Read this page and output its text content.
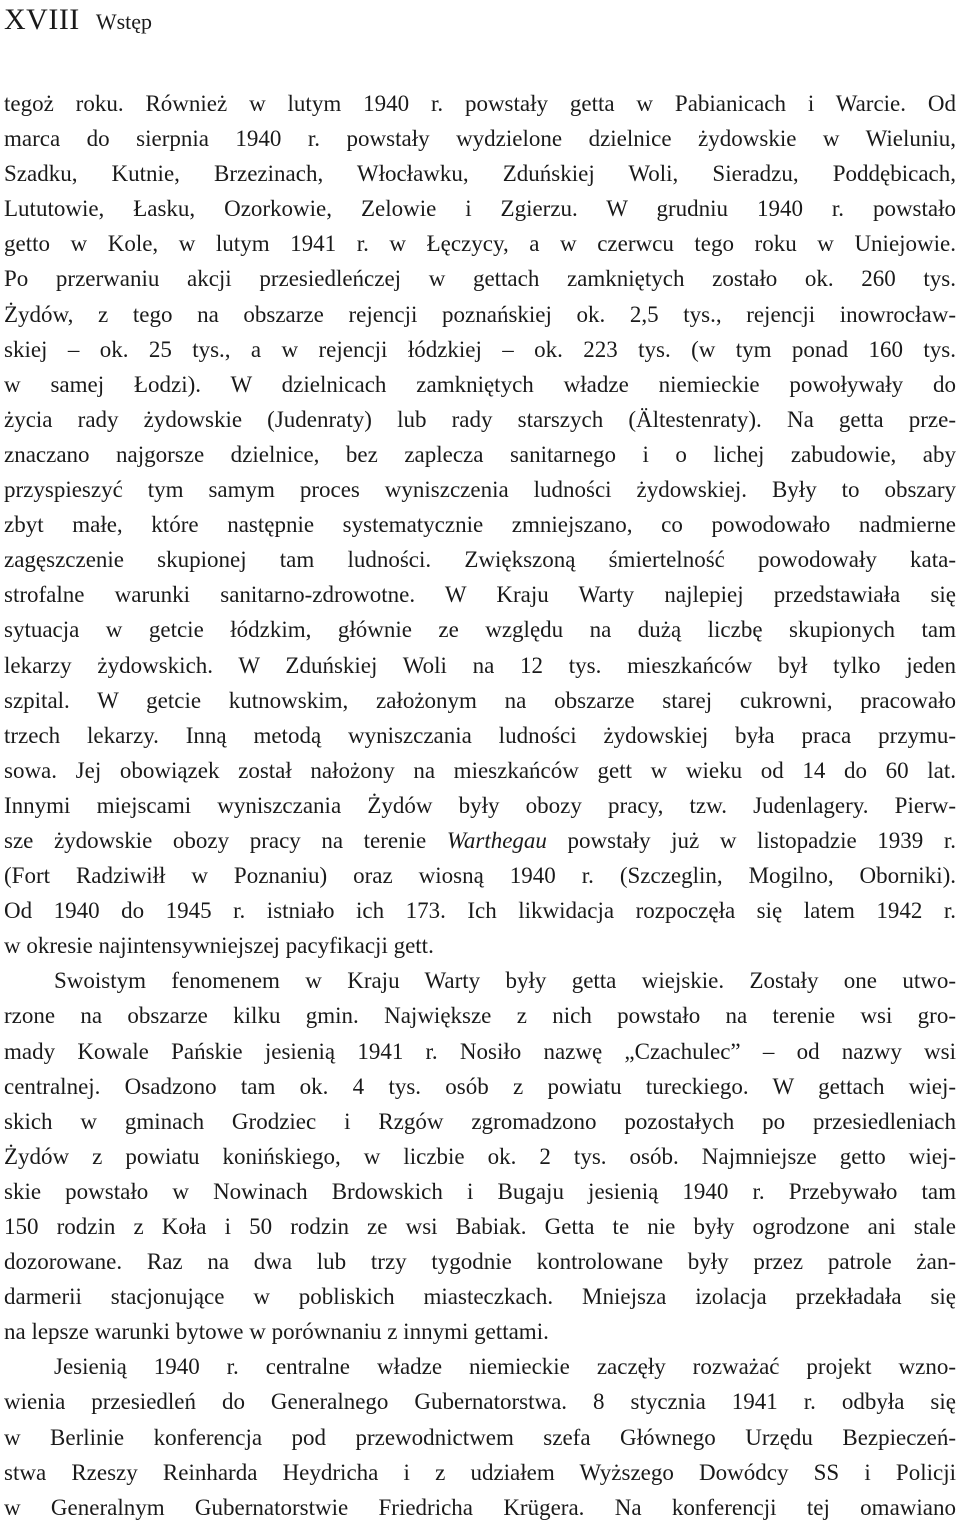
XVIII Wstęp
tegoż roku. Również w lutym 1940 r. powstały getta w Pabianicach i Warcie. Od
marca do sierpnia 1940 r. powstały wydzielone dzielnice żydowskie w Wieluniu,
Szadku, Kutnie, Brzezinach, Włocławku, Zduńskiej Woli, Sieradzu, Poddębicach,
Lututowie, Łasku, Ozorkowie, Zelowie i Zgierzu. W grudniu 1940 r. powstało
getto w Kole, w lutym 1941 r. w Łęczycy, a w czerwcu tego roku w Uniejowie.
Po przerwaniu akcji przesiedleńczej w gettach zamkniętych zostało ok. 260 tys.
Żydów, z tego na obszarze rejencji poznańskiej ok. 2,5 tys., rejencji inowrocław-
skiej – ok. 25 tys., a w rejencji łódzkiej – ok. 223 tys. (w tym ponad 160 tys.
w samej Łodzi). W dzielnicach zamkniętych władze niemieckie powoływały do
życia rady żydowskie (Judenraty) lub rady starszych (Ältestenraty). Na getta prze-
znaczano najgorsze dzielnice, bez zaplecza sanitarnego i o lichej zabudowie, aby
przyspieszyć tym samym proces wyniszczenia ludności żydowskiej. Były to obszary
zbyt małe, które następnie systematycznie zmniejszano, co powodowało nadmierne
zagęszczenie skupionej tam ludności. Zwiększoną śmiertelność powodowały kata-
strofalne warunki sanitarno-zdrowotne. W Kraju Warty najlepiej przedstawiała się
sytuacja w getcie łódzkim, głównie ze względu na dużą liczbę skupionych tam
lekarzy żydowskich. W Zduńskiej Woli na 12 tys. mieszkańców był tylko jeden
szpital. W getcie kutnowskim, założonym na obszarze starej cukrowni, pracowało
trzech lekarzy. Inną metodą wyniszczania ludności żydowskiej była praca przymu-
sowa. Jej obowiązek został nałożony na mieszkańców gett w wieku od 14 do 60 lat.
Innymi miejscami wyniszczania Żydów były obozy pracy, tzw. Judenlagery. Pierw-
sze żydowskie obozy pracy na terenie Warthegau powstały już w listopadzie 1939 r.
(Fort Radziwiłł w Poznaniu) oraz wiosną 1940 r. (Szczeglin, Mogilno, Oborniki).
Od 1940 do 1945 r. istniało ich 173. Ich likwidacja rozpoczęła się latem 1942 r.
w okresie najintensywniejszej pacyfikacji gett.
Swoistym fenomenem w Kraju Warty były getta wiejskie. Zostały one utwo-
rzone na obszarze kilku gmin. Największe z nich powstało na terenie wsi gro-
mady Kowale Pańskie jesienią 1941 r. Nosiło nazwę „Czachulec” – od nazwy wsi
centralnej. Osadzono tam ok. 4 tys. osób z powiatu tureckiego. W gettach wiej-
skich w gminach Grodziec i Rzgów zgromadzono pozostałych po przesiedleniach
Żydów z powiatu konińskiego, w liczbie ok. 2 tys. osób. Najmniejsze getto wiej-
skie powstało w Nowinach Brdowskich i Bugaju jesienią 1940 r. Przebywało tam
150 rodzin z Koła i 50 rodzin ze wsi Babiak. Getta te nie były ogrodzone ani stale
dozorowane. Raz na dwa lub trzy tygodnie kontrolowane były przez patrole żan-
darmerii stacjonujące w pobliskich miasteczkach. Mniejsza izolacja przekładała się
na lepsze warunki bytowe w porównaniu z innymi gettami.
Jesienią 1940 r. centralne władze niemieckie zaczęły rozważać projekt wzno-
wienia przesiedleń do Generalnego Gubernatorstwa. 8 stycznia 1941 r. odbyła się
w Berlinie konferencja pod przewodnictwem szefa Głównego Urzędu Bezpieczeń-
stwa Rzeszy Reinharda Heydricha i z udziałem Wyższego Dowódcy SS i Policji
w Generalnym Gubernatorstwie Friedricha Krügera. Na konferencji tej omawiano
